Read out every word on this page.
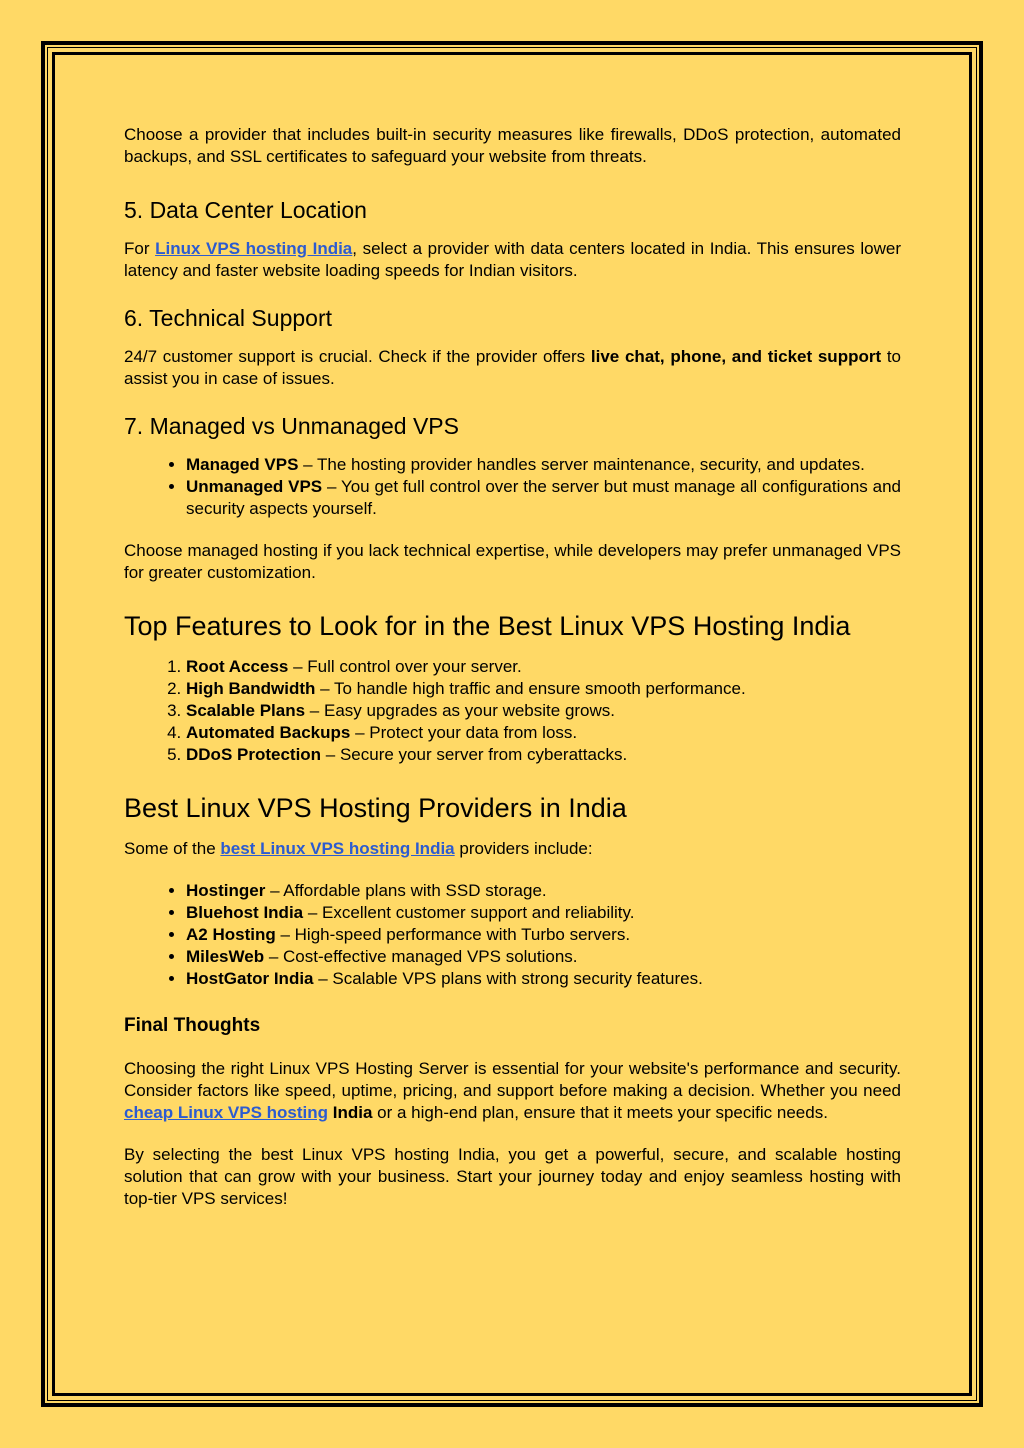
Choose a provider that includes built-in security measures like firewalls, DDoS protection, automated backups, and SSL certificates to safeguard your website from threats.

5. Data Center Location

For Linux VPS hosting India, select a provider with data centers located in India. This ensures lower latency and faster website loading speeds for Indian visitors.

6. Technical Support

24/7 customer support is crucial. Check if the provider offers live chat, phone, and ticket support to assist you in case of issues.

7. Managed vs Unmanaged VPS
• Managed VPS – The hosting provider handles server maintenance, security, and updates.
• Unmanaged VPS – You get full control over the server but must manage all configurations and security aspects yourself.

Choose managed hosting if you lack technical expertise, while developers may prefer unmanaged VPS for greater customization.

Top Features to Look for in the Best Linux VPS Hosting India
1. Root Access – Full control over your server.
2. High Bandwidth – To handle high traffic and ensure smooth performance.
3. Scalable Plans – Easy upgrades as your website grows.
4. Automated Backups – Protect your data from loss.
5. DDoS Protection – Secure your server from cyberattacks.
Best Linux VPS Hosting Providers in India

Some of the best Linux VPS hosting India providers include:

• Hostinger – Affordable plans with SSD storage.
• Bluehost India – Excellent customer support and reliability.
• A2 Hosting – High-speed performance with Turbo servers.
• MilesWeb – Cost-effective managed VPS solutions.
• HostGator India – Scalable VPS plans with strong security features.
Final Thoughts

Choosing the right Linux VPS Hosting Server is essential for your website's performance and security. Consider factors like speed, uptime, pricing, and support before making a decision. Whether you need cheap Linux VPS hosting India or a high-end plan, ensure that it meets your specific needs.

By selecting the best Linux VPS hosting India, you get a powerful, secure, and scalable hosting solution that can grow with your business. Start your journey today and enjoy seamless hosting with top-tier VPS services!
